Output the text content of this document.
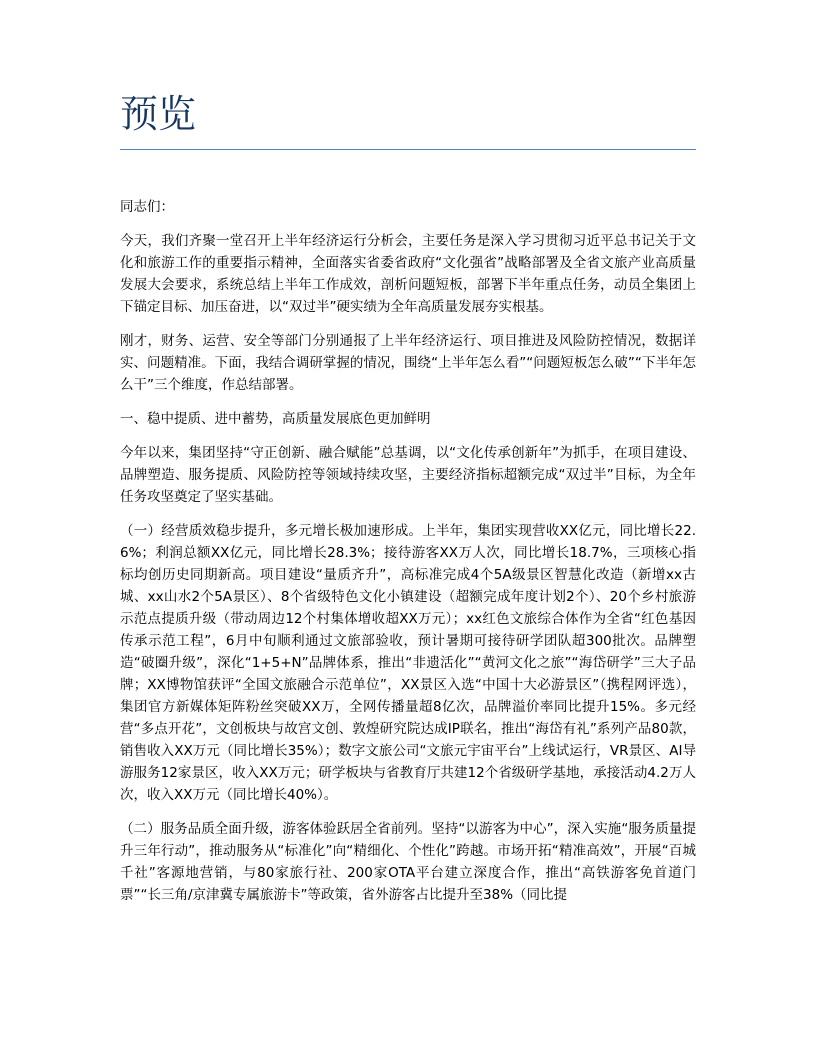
预览

同志们：

今天，我们齐聚一堂召开上半年经济运行分析会，主要任务是深入学习贯彻习近平总书记关于文化和旅游工作的重要指示精神，全面落实省委省政府“文化强省”战略部署及全省文旅产业高质量发展大会要求，系统总结上半年工作成效，剖析问题短板，部署下半年重点任务，动员全集团上下锚定目标、加压奋进，以“双过半”硬实绩为全年高质量发展夯实根基。

刚才，财务、运营、安全等部门分别通报了上半年经济运行、项目推进及风险防控情况，数据详实、问题精准。下面，我结合调研掌握的情况，围绕“上半年怎么看”“问题短板怎么破”“下半年怎么干”三个维度，作总结部署。

一、稳中提质、进中蓄势，高质量发展底色更加鲜明

今年以来，集团坚持“守正创新、融合赋能”总基调，以“文化传承创新年”为抓手，在项目建设、品牌塑造、服务提质、风险防控等领域持续攻坚，主要经济指标超额完成“双过半”目标，为全年任务攻坚奠定了坚实基础。

（一）经营质效稳步提升，多元增长极加速形成。上半年，集团实现营收XX亿元，同比增长22.6%；利润总额XX亿元，同比增长28.3%；接待游客XX万人次，同比增长18.7%，三项核心指标均创历史同期新高。项目建设“量质齐升”，高标准完成4个5A级景区智慧化改造（新增xx古城、xx山水2个5A景区）、8个省级特色文化小镇建设（超额完成年度计划2个）、20个乡村旅游示范点提质升级（带动周边12个村集体增收超XX万元）；xx红色文旅综合体作为全省“红色基因传承示范工程”，6月中旬顺利通过文旅部验收，预计暑期可接待研学团队超300批次。品牌塑造“破圈升级”，深化“1+5+N”品牌体系，推出“非遗活化”“黄河文化之旅”“海岱研学”三大子品牌；XX博物馆获评“全国文旅融合示范单位”，XX景区入选“中国十大必游景区”（携程网评选），集团官方新媒体矩阵粉丝突破XX万，全网传播量超8亿次，品牌溢价率同比提升15%。多元经营“多点开花”，文创板块与故宫文创、敦煌研究院达成IP联名，推出“海岱有礼”系列产品80款，销售收入XX万元（同比增长35%）；数字文旅公司“文旅元宇宙平台”上线试运行，VR景区、AI导游服务12家景区，收入XX万元；研学板块与省教育厅共建12个省级研学基地，承接活动4.2万人次，收入XX万元（同比增长40%）。

（二）服务品质全面升级，游客体验跃居全省前列。坚持“以游客为中心”，深入实施“服务质量提升三年行动”，推动服务从“标准化”向“精细化、个性化”跨越。市场开拓“精准高效”，开展“百城千社”客源地营销，与80家旅行社、200家OTA平台建立深度合作，推出“高铁游客免首道门票”“长三角/京津冀专属旅游卡”等政策，省外游客占比提升至38%（同比提
